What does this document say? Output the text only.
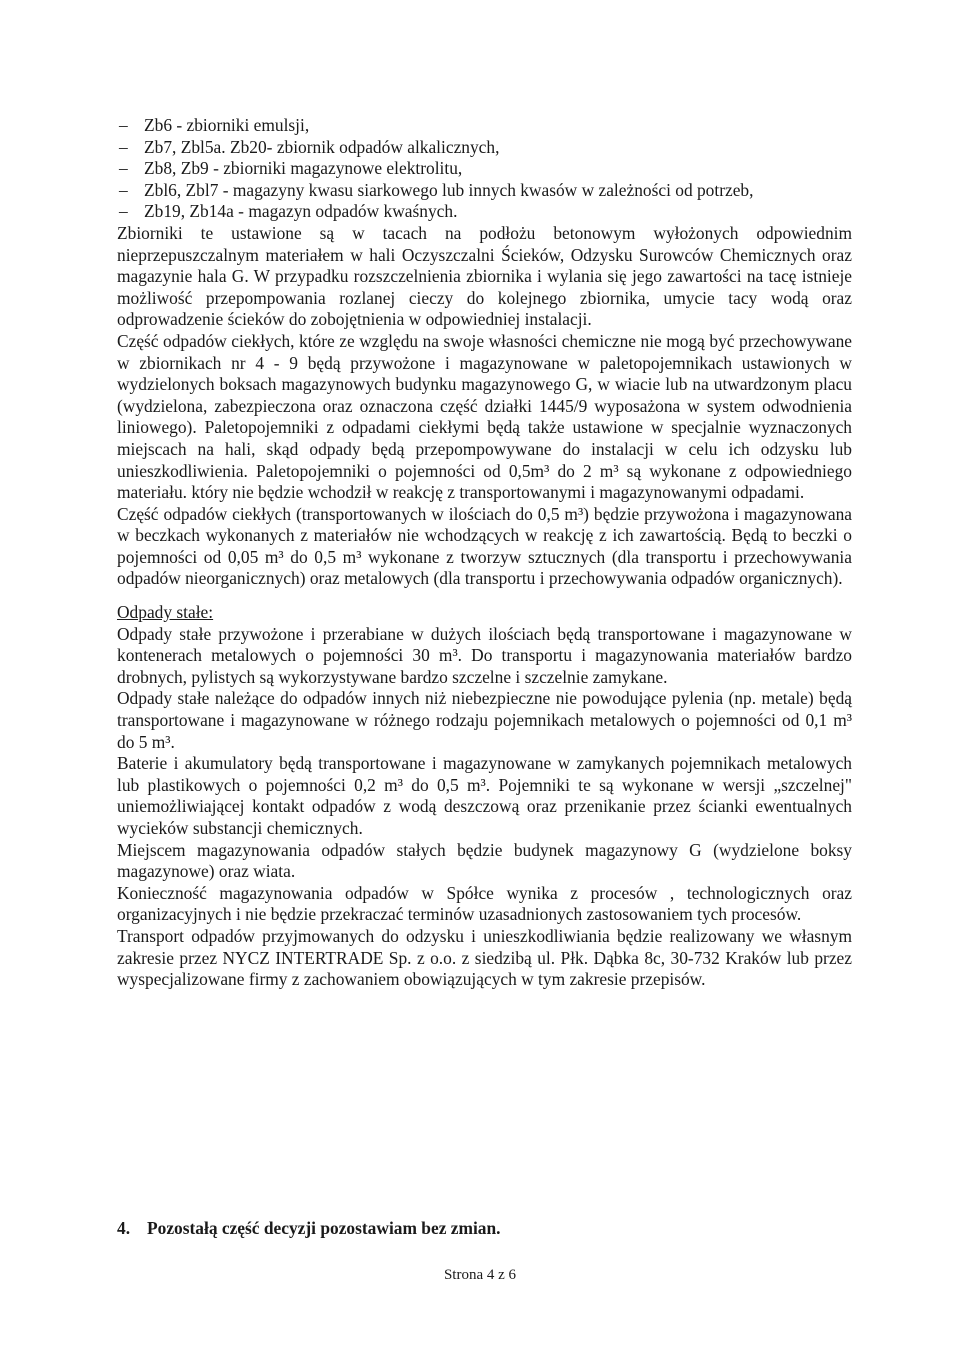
– Zb6 - zbiorniki emulsji,
– Zb7, Zbl5a. Zb20- zbiornik odpadów alkalicznych,
– Zb8, Zb9 - zbiorniki magazynowe elektrolitu,
– Zbl6, Zbl7 - magazyny kwasu siarkowego lub innych kwasów w zależności od potrzeb,
– Zb19, Zb14a - magazyn odpadów kwaśnych.

Zbiorniki te ustawione są w tacach na podłożu betonowym wyłożonych odpowiednim nieprzepuszczalnym materiałem w hali Oczyszczalni Ścieków, Odzysku Surowców Chemicznych oraz magazynie hala G. W przypadku rozszczelnienia zbiornika i wylania się jego zawartości na tacę istnieje możliwość przepompowania rozlanej cieczy do kolejnego zbiornika, umycie tacy wodą oraz odprowadzenie ścieków do zobojętnienia w odpowiedniej instalacji.

Część odpadów ciekłych, które ze względu na swoje własności chemiczne nie mogą być przechowywane w zbiornikach nr 4 - 9 będą przywożone i magazynowane w paletopojemnikach ustawionych w wydzielonych boksach magazynowych budynku magazynowego G, w wiacie lub na utwardzonym placu (wydzielona, zabezpieczona oraz oznaczona część działki 1445/9 wyposażona w system odwodnienia liniowego). Paletopojemniki z odpadami ciekłymi będą także ustawione w specjalnie wyznaczonych miejscach na hali, skąd odpady będą przepompowywane do instalacji w celu ich odzysku lub unieszkodliwienia. Paletopojemniki o pojemności od 0,5m³ do 2 m³ są wykonane z odpowiedniego materiału. który nie będzie wchodził w reakcję z transportowanymi i magazynowanymi odpadami.

Część odpadów ciekłych (transportowanych w ilościach do 0,5 m³) będzie przywożona i magazynowana w beczkach wykonanych z materiałów nie wchodzących w reakcję z ich zawartością. Będą to beczki o pojemności od 0,05 m³ do 0,5 m³ wykonane z tworzyw sztucznych (dla transportu i przechowywania odpadów nieorganicznych) oraz metalowych (dla transportu i przechowywania odpadów organicznych).

Odpady stałe:

Odpady stałe przywożone i przerabiane w dużych ilościach będą transportowane i magazynowane w kontenerach metalowych o pojemności 30 m³. Do transportu i magazynowania materiałów bardzo drobnych, pylistych są wykorzystywane bardzo szczelne i szczelnie zamykane.

Odpady stałe należące do odpadów innych niż niebezpieczne nie powodujące pylenia (np. metale) będą transportowane i magazynowane w różnego rodzaju pojemnikach metalowych o pojemności od 0,1 m³ do 5 m³.

Baterie i akumulatory będą transportowane i magazynowane w zamykanych pojemnikach metalowych lub plastikowych o pojemności 0,2 m³ do 0,5 m³. Pojemniki te są wykonane w wersji „szczelnej" uniemożliwiającej kontakt odpadów z wodą deszczową oraz przenikanie przez ścianki ewentualnych wycieków substancji chemicznych.

Miejscem magazynowania odpadów stałych będzie budynek magazynowy G (wydzielone boksy magazynowe) oraz wiata.

Konieczność magazynowania odpadów w Spółce wynika z procesów , technologicznych oraz organizacyjnych i nie będzie przekraczać terminów uzasadnionych zastosowaniem tych procesów.

Transport odpadów przyjmowanych do odzysku i unieszkodliwiania będzie realizowany we własnym zakresie przez NYCZ INTERTRADE Sp. z o.o. z siedzibą ul. Płk. Dąbka 8c, 30-732 Kraków lub przez wyspecjalizowane firmy z zachowaniem obowiązujących w tym zakresie przepisów.

4. Pozostałą część decyzji pozostawiam bez zmian.
Strona 4 z 6
